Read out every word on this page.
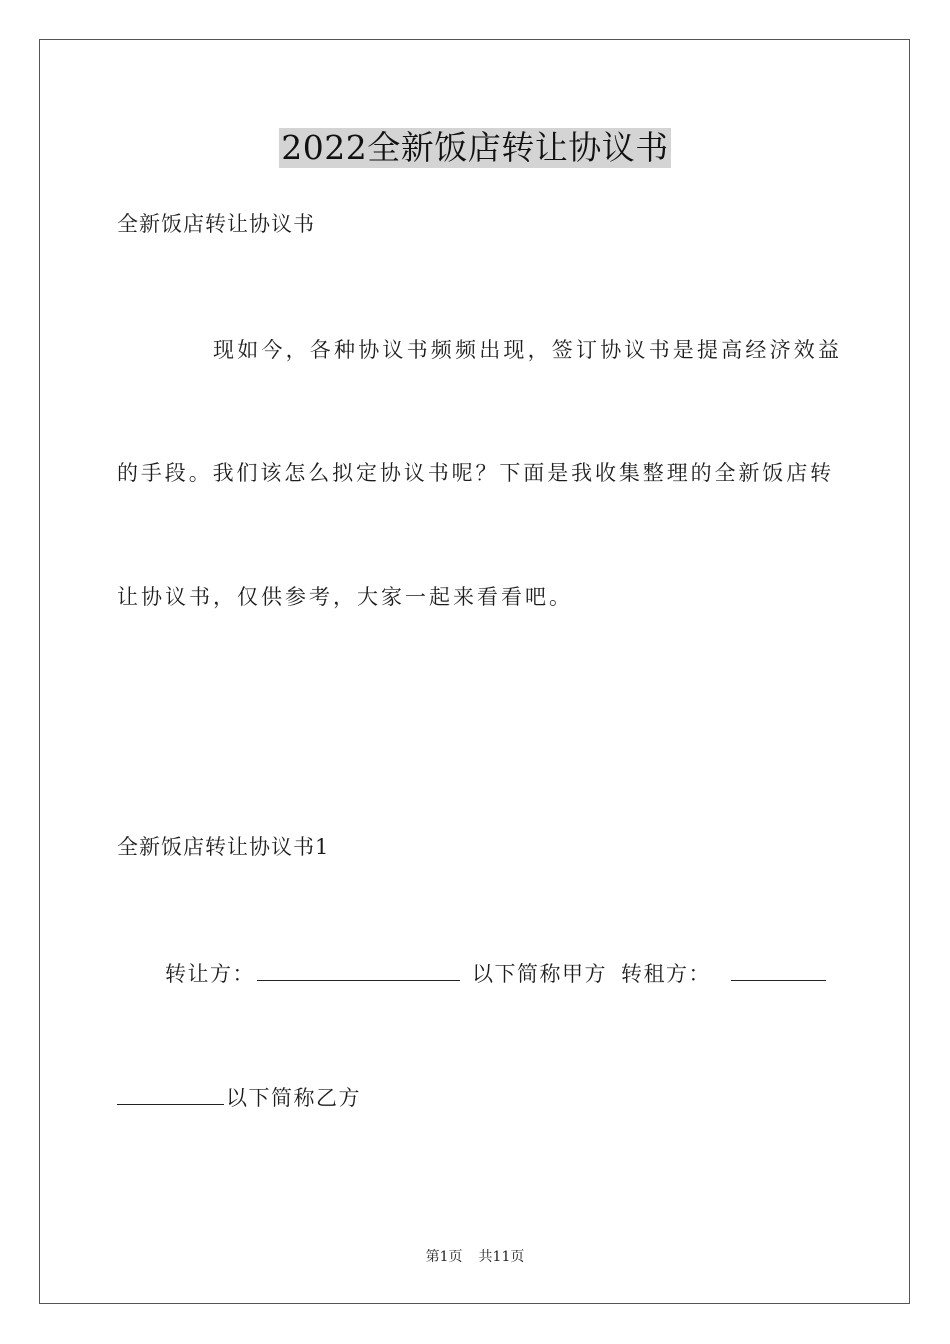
2022全新饭店转让协议书
全新饭店转让协议书
现如今，各种协议书频频出现，签订协议书是提高经济效益
的手段。我们该怎么拟定协议书呢？下面是我收集整理的全新饭店转
让协议书，仅供参考，大家一起来看看吧。
全新饭店转让协议书1
转让方：	以下简称甲方 转租方：
以下简称乙方
第1页 共11页
